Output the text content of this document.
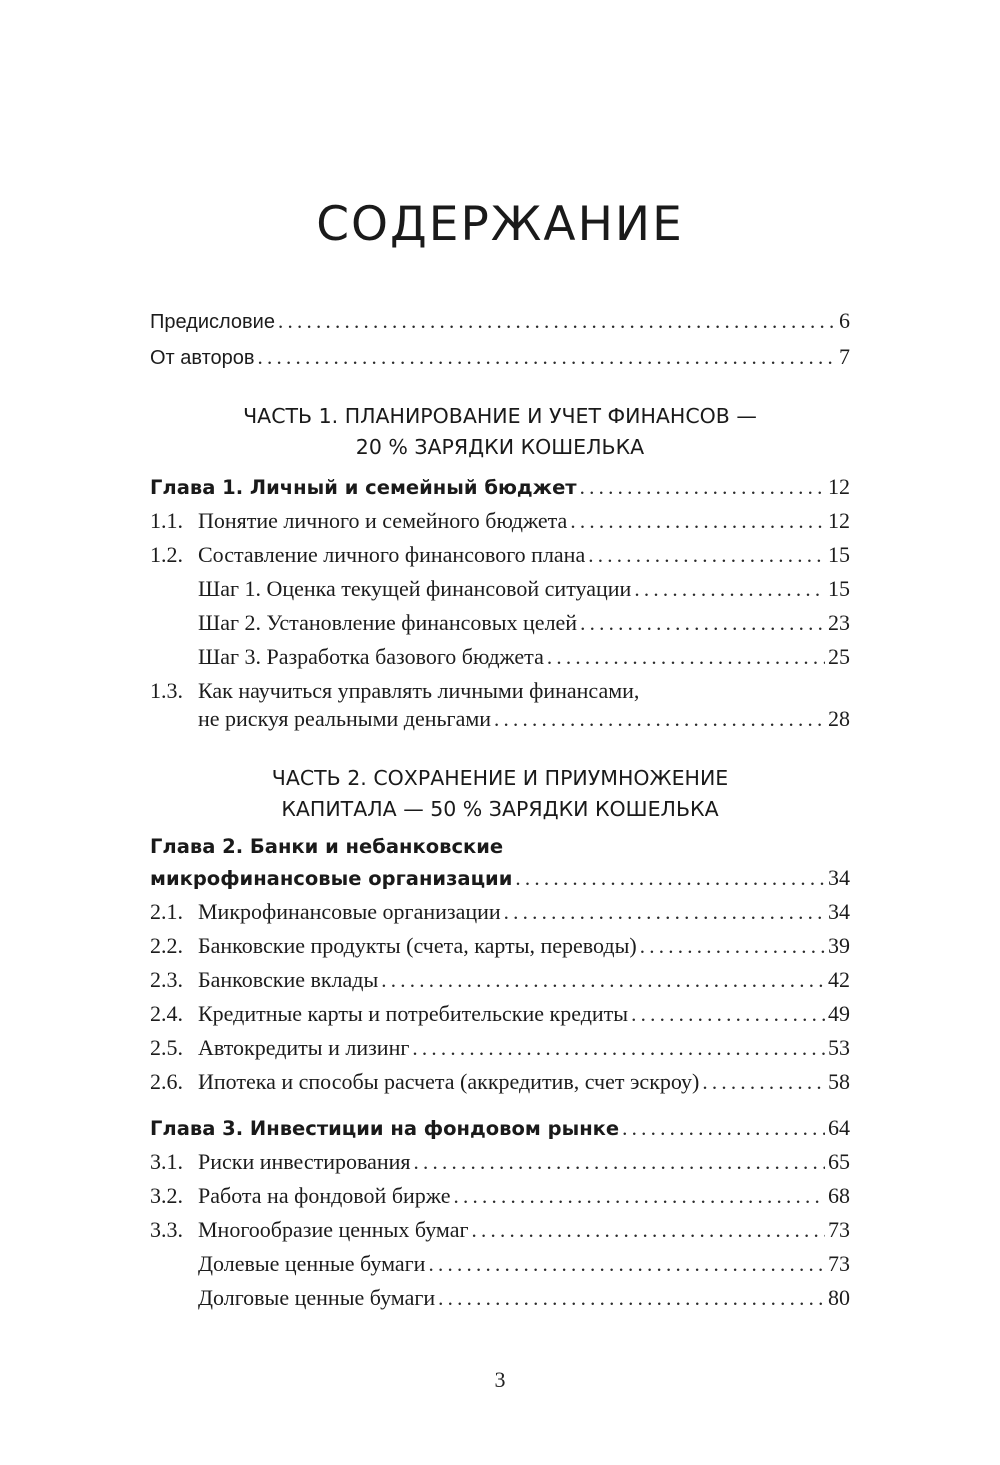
СОДЕРЖАНИЕ
Предисловие . . .	6
От авторов . . .	7
ЧАСТЬ 1. ПЛАНИРОВАНИЕ И УЧЕТ ФИНАНСОВ —
20 % ЗАРЯДКИ КОШЕЛЬКА
Глава 1. Личный и семейный бюджет . . .	12
1.1. Понятие личного и семейного бюджета . . .	12
1.2. Составление личного финансового плана . . .	15
Шаг 1. Оценка текущей финансовой ситуации . . .	15
Шаг 2. Установление финансовых целей . . .	23
Шаг 3. Разработка базового бюджета . . .	25
1.3. Как научиться управлять личными финансами,
не рискуя реальными деньгами . . .	28
ЧАСТЬ 2. СОХРАНЕНИЕ И ПРИУМНОЖЕНИЕ
КАПИТАЛА — 50 % ЗАРЯДКИ КОШЕЛЬКА
Глава 2. Банки и небанковские
микрофинансовые организации . . .	34
2.1. Микрофинансовые организации . . .	34
2.2. Банковские продукты (счета, карты, переводы) . . .	39
2.3. Банковские вклады . . .	42
2.4. Кредитные карты и потребительские кредиты . . .	49
2.5. Автокредиты и лизинг . . .	53
2.6. Ипотека и способы расчета (аккредитив, счет эскроу) . . .	58
Глава 3. Инвестиции на фондовом рынке . . .	64
3.1. Риски инвестирования . . .	65
3.2. Работа на фондовой бирже . . .	68
3.3. Многообразие ценных бумаг . . .	73
Долевые ценные бумаги . . .	73
Долговые ценные бумаги . . .	80
3
